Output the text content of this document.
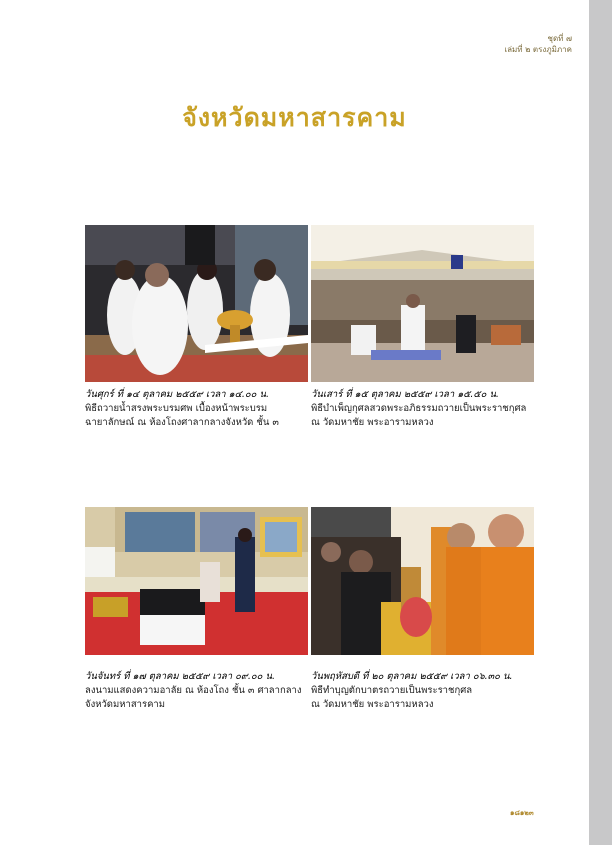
ชุดที่ ๗
เล่มที่ ๒ ตรงภูมิภาค
จังหวัดมหาสารคาม
วันศุกร์ ที่ ๑๔ ตุลาคม ๒๕๕๙ เวลา ๑๔.๐๐ น.
พิธีถวายน้ำสรงพระบรมศพ เบื้องหน้าพระบรม
ฉายาลักษณ์ ณ ห้องโถงศาลากลางจังหวัด ชั้น ๓
วันเสาร์ ที่ ๑๕ ตุลาคม ๒๕๕๙ เวลา ๑๕.๕๐ น.
พิธีบำเพ็ญกุศลสวดพระอภิธรรมถวายเป็นพระราชกุศล
ณ วัดมหาชัย พระอารามหลวง
วันจันทร์ ที่ ๑๗ ตุลาคม ๒๕๕๙ เวลา ๐๙.๐๐ น.
ลงนามแสดงความอาลัย ณ ห้องโถง ชั้น ๓ ศาลากลาง
จังหวัดมหาสารคาม
วันพฤหัสบดี ที่ ๒๐ ตุลาคม ๒๕๕๙ เวลา ๐๖.๓๐ น.
พิธีทำบุญตักบาตรถวายเป็นพระราชกุศล
ณ วัดมหาชัย พระอารามหลวง
๑๘๑๒๓
